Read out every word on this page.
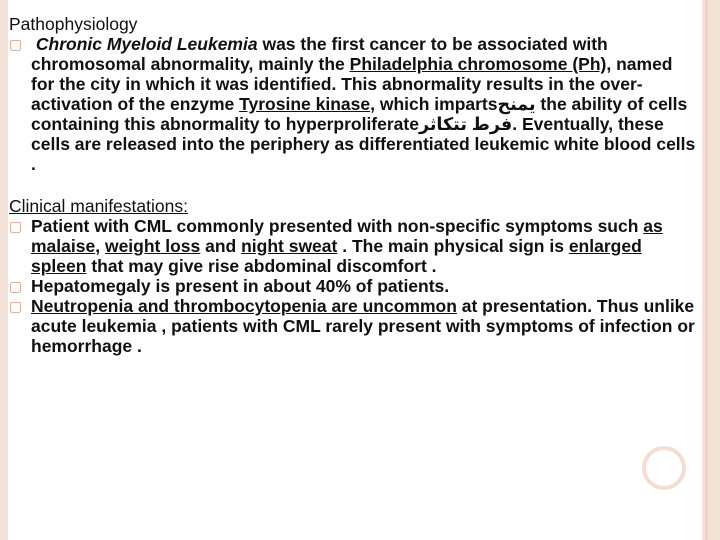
Pathophysiology

▢ Chronic Myeloid Leukemia was the first cancer to be associated with chromosomal abnormality, mainly the Philadelphia chromosome (Ph), named for the city in which it was identified. This abnormality results in the over-activation of the enzyme Tyrosine kinase, which impartsيمنح the ability of cells containing this abnormality to hyperproliferateفرط تتكاثر. Eventually, these cells are released into the periphery as differentiated leukemic white blood cells .

Clinical manifestations:

▢ Patient with CML commonly presented with non-specific symptoms such as malaise, weight loss and night sweat . The main physical sign is enlarged spleen that may give rise abdominal discomfort .
▢ Hepatomegaly is present in about 40% of patients.
▢ Neutropenia and thrombocytopenia are uncommon at presentation. Thus unlike acute leukemia , patients with CML rarely present with symptoms of infection or hemorrhage .
